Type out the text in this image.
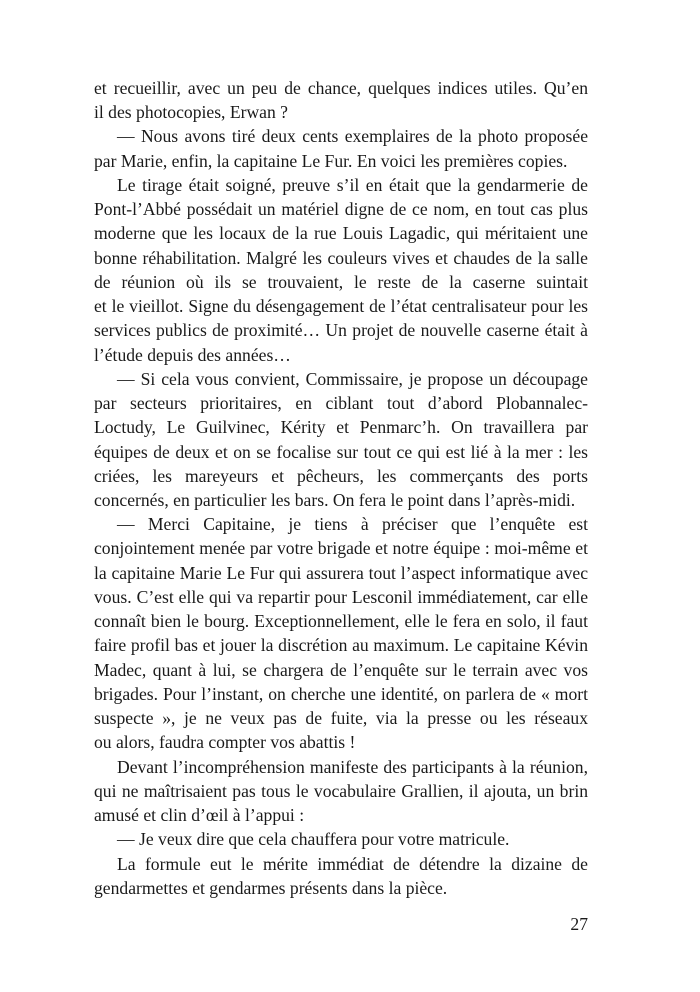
et recueillir, avec un peu de chance, quelques indices utiles. Qu’en
il des photocopies, Erwan ?
— Nous avons tiré deux cents exemplaires de la photo proposée
par Marie, enfin, la capitaine Le Fur. En voici les premières copies.
Le tirage était soigné, preuve s’il en était que la gendarmerie de
Pont-l’Abbé possédait un matériel digne de ce nom, en tout cas plus
moderne que les locaux de la rue Louis Lagadic, qui méritaient une
bonne réhabilitation. Malgré les couleurs vives et chaudes de la salle
de réunion où ils se trouvaient, le reste de la caserne suintait
et le vieillot. Signe du désengagement de l’état centralisateur pour les
services publics de proximité… Un projet de nouvelle caserne était à
l’étude depuis des années…
— Si cela vous convient, Commissaire, je propose un découpage
par secteurs prioritaires, en ciblant tout d’abord Plobannalec-
Loctudy, Le Guilvinec, Kérity et Penmarc’h. On travaillera par
équipes de deux et on se focalise sur tout ce qui est lié à la mer : les
criées, les mareyeurs et pêcheurs, les commerçants des ports
concernés, en particulier les bars. On fera le point dans l’après-midi.
— Merci Capitaine, je tiens à préciser que l’enquête est
conjointement menée par votre brigade et notre équipe : moi-même et
la capitaine Marie Le Fur qui assurera tout l’aspect informatique avec
vous. C’est elle qui va repartir pour Lesconil immédiatement, car elle
connaît bien le bourg. Exceptionnellement, elle le fera en solo, il faut
faire profil bas et jouer la discrétion au maximum. Le capitaine Kévin
Madec, quant à lui, se chargera de l’enquête sur le terrain avec vos
brigades. Pour l’instant, on cherche une identité, on parlera de « mort
suspecte », je ne veux pas de fuite, via la presse ou les réseaux
ou alors, faudra compter vos abattis !
Devant l’incompréhension manifeste des participants à la réunion,
qui ne maîtrisaient pas tous le vocabulaire Grallien, il ajouta, un brin
amusé et clin d’œil à l’appui :
— Je veux dire que cela chauffera pour votre matricule.
La formule eut le mérite immédiat de détendre la dizaine de
gendarmettes et gendarmes présents dans la pièce.
27
